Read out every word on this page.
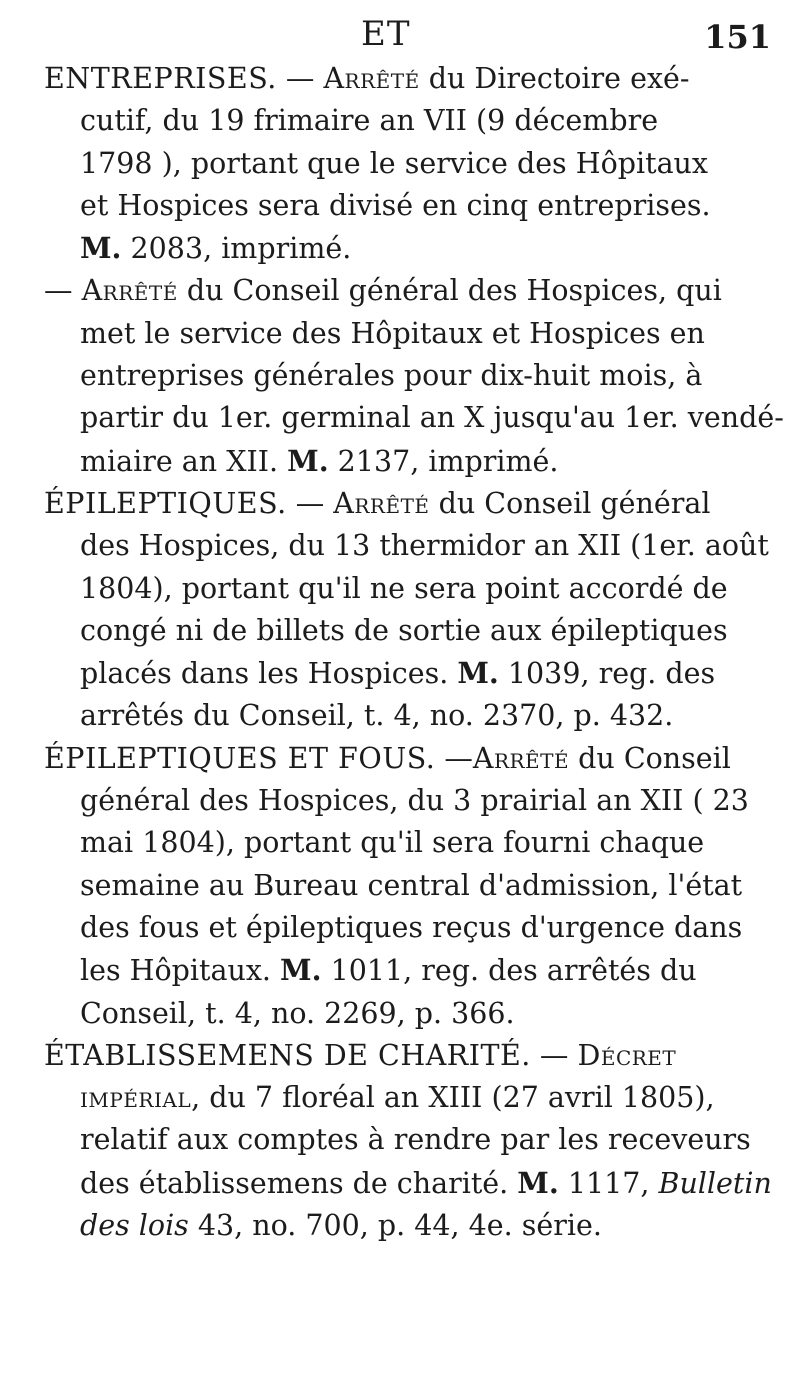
ET	151

ENTREPRISES. — Arrêté du Directoire exé-
cutif, du 19 frimaire an VII (9 décembre
1798 ), portant que le service des Hôpitaux
et Hospices sera divisé en cinq entreprises.
M. 2083, imprimé.

— Arrêté du Conseil général des Hospices, qui
met le service des Hôpitaux et Hospices en
entreprises générales pour dix-huit mois, à
partir du 1er. germinal an X jusqu'au 1er. vendé-
miaire an XII. M. 2137, imprimé.

ÉPILEPTIQUES. — Arrêté du Conseil général
des Hospices, du 13 thermidor an XII (1er. août
1804), portant qu'il ne sera point accordé de
congé ni de billets de sortie aux épileptiques
placés dans les Hospices. M. 1039, reg. des
arrêtés du Conseil, t. 4, no. 2370, p. 432.

ÉPILEPTIQUES ET FOUS. —Arrêté du Conseil
général des Hospices, du 3 prairial an XII ( 23
mai 1804), portant qu'il sera fourni chaque
semaine au Bureau central d'admission, l'état
des fous et épileptiques reçus d'urgence dans
les Hôpitaux. M. 1011, reg. des arrêtés du
Conseil, t. 4, no. 2269, p. 366.

ÉTABLISSEMENS DE CHARITÉ. — Décret
impérial, du 7 floréal an XIII (27 avril 1805),
relatif aux comptes à rendre par les receveurs
des établissemens de charité. M. 1117, Bulletin
des lois 43, no. 700, p. 44, 4e. série.
